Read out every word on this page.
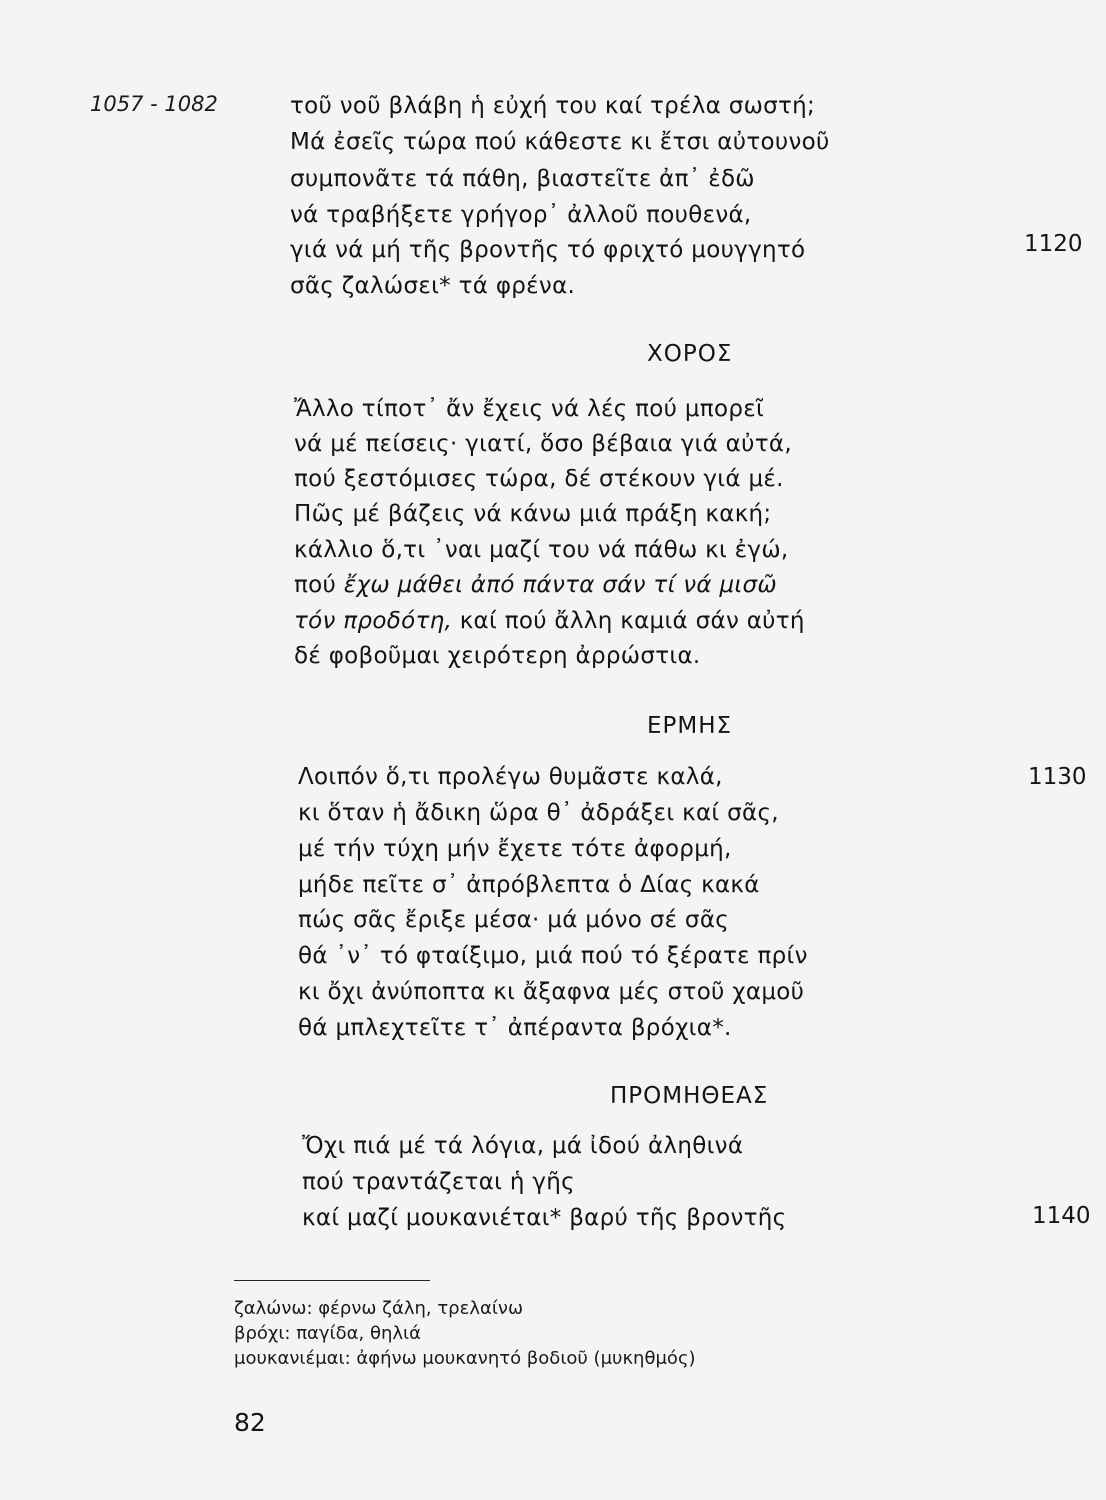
1057 - 1082	τοῦ νοῦ βλάβη ἡ εὐχή του καί τρέλα σωστή;
Μά ἐσεῖς τώρα πού κάθεστε κι ἔτσι αὐτουνοῦ
συμπονᾶτε τά πάθη, βιαστεῖτε ἀπ᾽ ἐδῶ
νά τραβήξετε γρήγορ᾽ ἀλλοῦ πουθενά,
γιά νά μή τῆς βροντῆς τό φριχτό μουγγητό	1120
σᾶς ζαλώσει* τά φρένα.
ΧΟΡΟΣ
Ἄλλο τίποτ᾽ ἄν ἔχεις νά λές πού μπορεῖ
νά μέ πείσεις· γιατί, ὅσο βέβαια γιά αὐτά,
πού ξεστόμισες τώρα, δέ στέκουν γιά μέ.
Πῶς μέ βάζεις νά κάνω μιά πράξη κακή;
κάλλιο ὅ,τι ᾽ναι μαζί του νά πάθω κι ἐγώ,
πού ἔχω μάθει ἀπό πάντα σάν τί νά μισῶ
τόν προδότη, καί πού ἄλλη καμιά σάν αὐτή
δέ φοβοῦμαι χειρότερη ἀρρώστια.
ΕΡΜΗΣ
Λοιπόν ὅ,τι προλέγω θυμᾶστε καλά,	1130
κι ὅταν ἡ ἄδικη ὥρα θ᾽ ἀδράξει καί σᾶς,
μέ τήν τύχη μήν ἔχετε τότε ἀφορμή,
μήδε πεῖτε σ᾽ ἀπρόβλεπτα ὁ Δίας κακά
πώς σᾶς ἔριξε μέσα· μά μόνο σέ σᾶς
θά ᾽ν᾽ τό φταίξιμο, μιά πού τό ξέρατε πρίν
κι ὄχι ἀνύποπτα κι ἄξαφνα μές στοῦ χαμοῦ
θά μπλεχτεῖτε τ᾽ ἀπέραντα βρόχια*.
ΠΡΟΜΗΘΕΑΣ
Ὄχι πιά μέ τά λόγια, μά ἰδού ἀληθινά
πού τραντάζεται ἡ γῆς
καί μαζί μουκανιέται* βαρύ τῆς βροντῆς	1140
ζαλώνω: φέρνω ζάλη, τρελαίνω
βρόχι: παγίδα, θηλιά
μουκανιέμαι: ἀφήνω μουκανητό βοδιοῦ (μυκηθμός)
82
